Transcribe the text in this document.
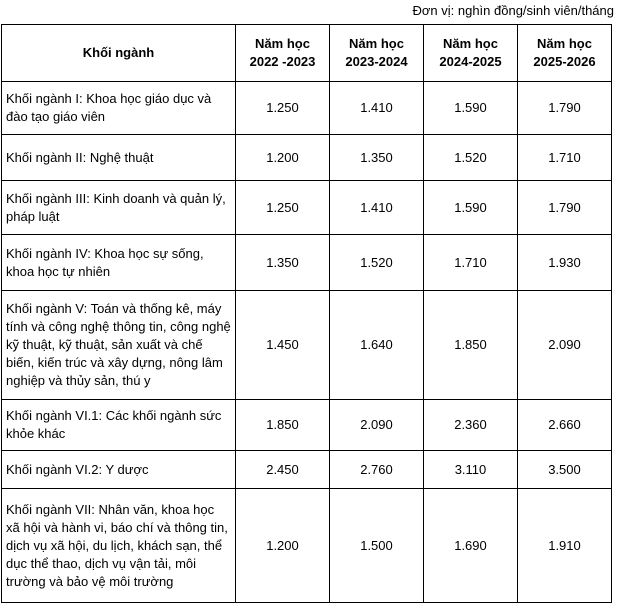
Đơn vị: nghìn đồng/sinh viên/tháng
Khối ngành	Năm học 2022 -2023	Năm học 2023-2024	Năm học 2024-2025	Năm học 2025-2026
Khối ngành I: Khoa học giáo dục và đào tạo giáo viên	1.250	1.410	1.590	1.790
Khối ngành II: Nghệ thuật	1.200	1.350	1.520	1.710
Khối ngành III: Kinh doanh và quản lý, pháp luật	1.250	1.410	1.590	1.790
Khối ngành IV: Khoa học sự sống, khoa học tự nhiên	1.350	1.520	1.710	1.930
Khối ngành V: Toán và thống kê, máy tính và công nghệ thông tin, công nghệ kỹ thuật, kỹ thuật, sản xuất và chế biến, kiến trúc và xây dựng, nông lâm nghiệp và thủy sản, thú y	1.450	1.640	1.850	2.090
Khối ngành VI.1: Các khối ngành sức khỏe khác	1.850	2.090	2.360	2.660
Khối ngành VI.2: Y dược	2.450	2.760	3.110	3.500
Khối ngành VII: Nhân văn, khoa học xã hội và hành vi, báo chí và thông tin, dịch vụ xã hội, du lịch, khách sạn, thể dục thể thao, dịch vụ vận tải, môi trường và bảo vệ môi trường	1.200	1.500	1.690	1.910
